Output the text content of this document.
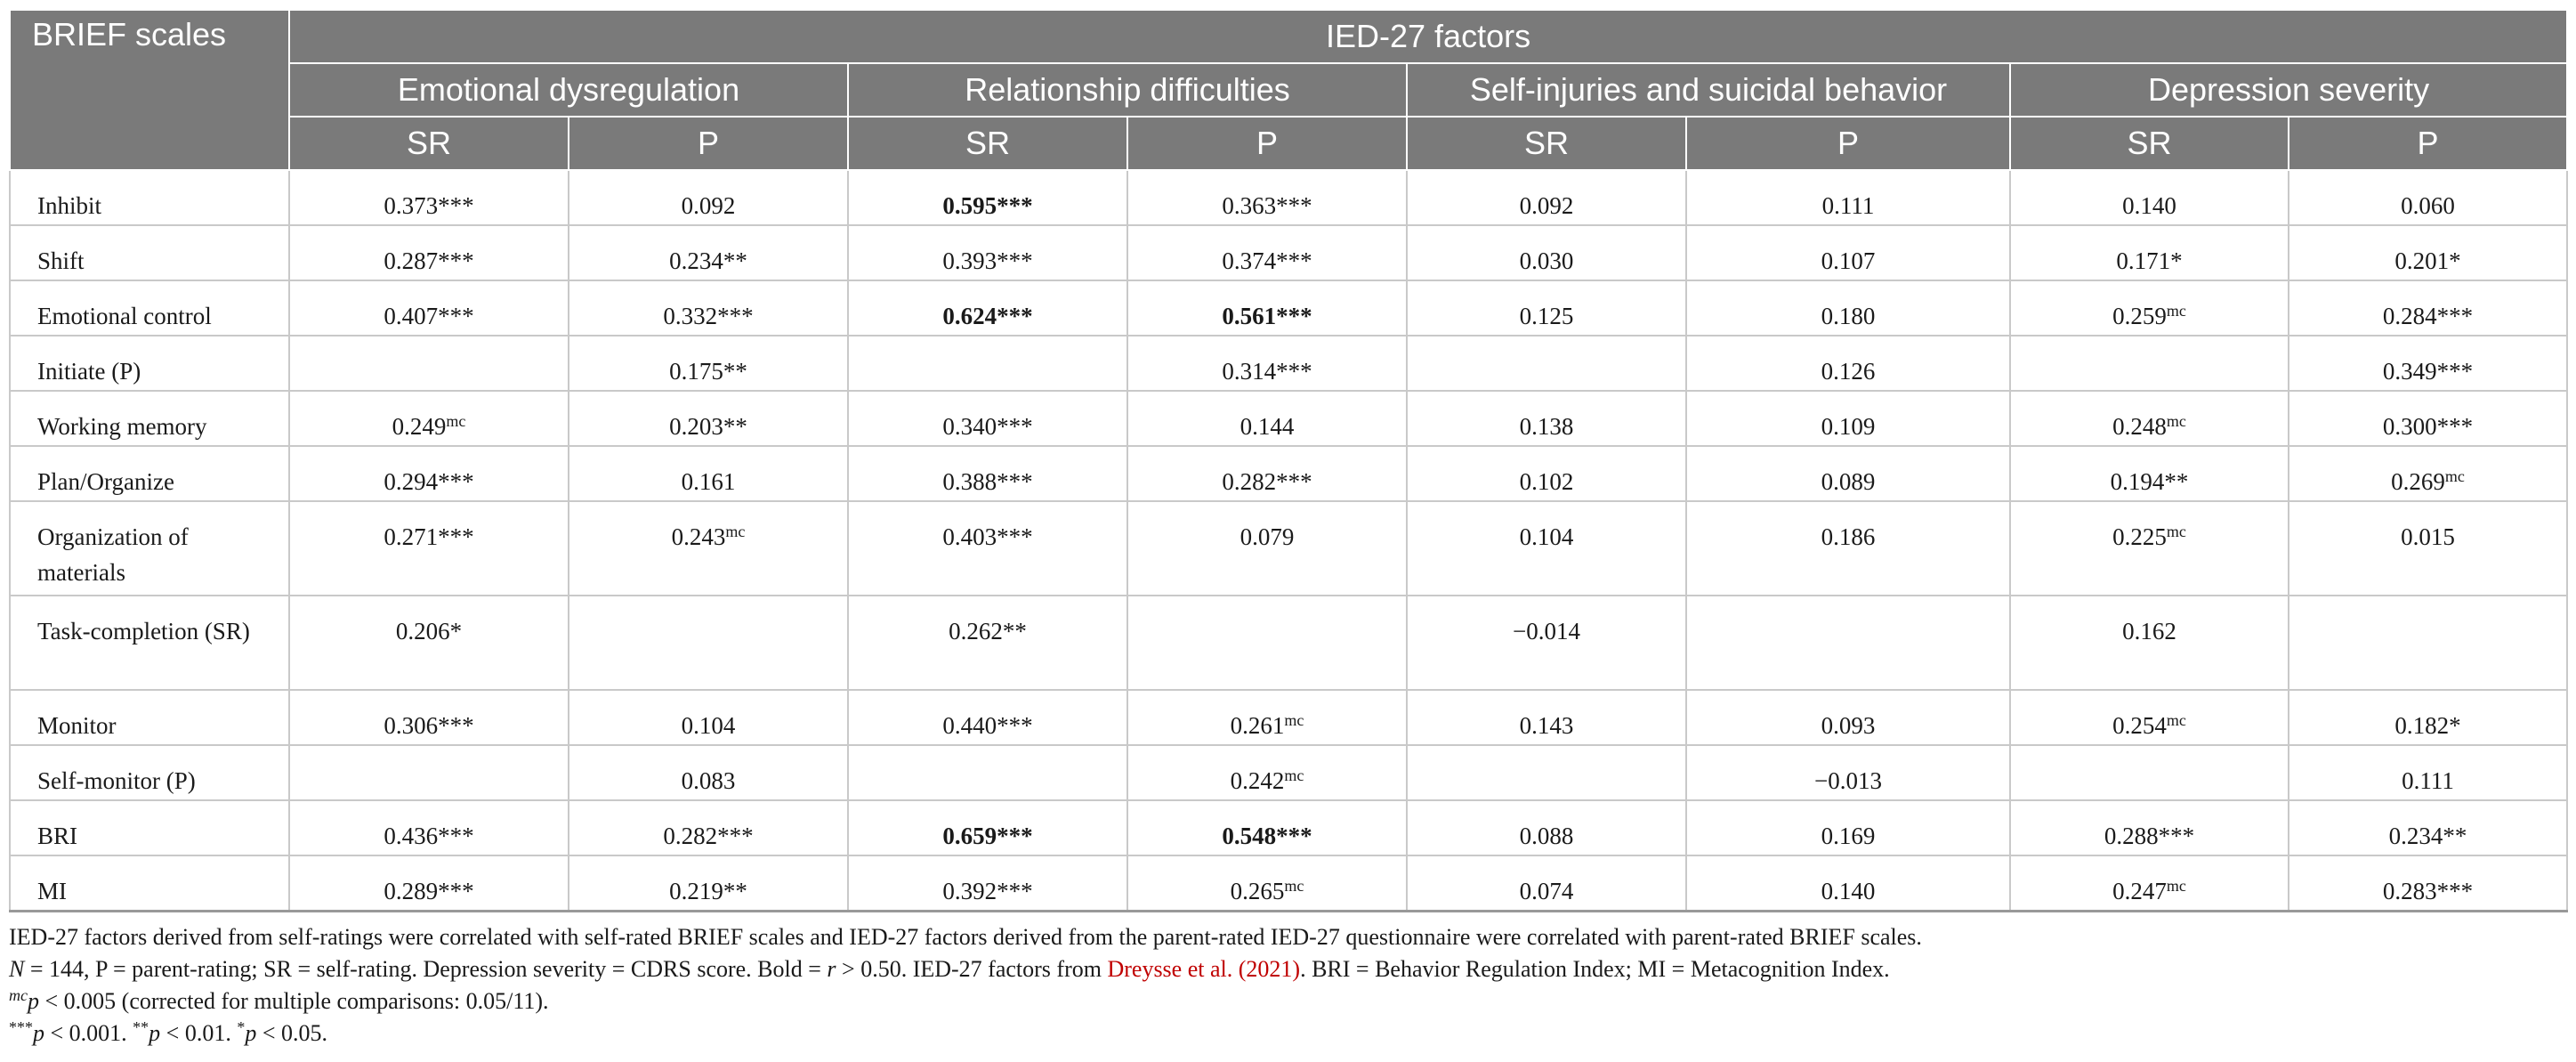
BRIEF scales	IED-27 factors							
	Emotional dysregulation		Relationship difficulties		Self-injuries and suicidal behavior		Depression severity	
	SR	P	SR	P	SR	P	SR	P
Inhibit	0.373***	0.092	0.595***	0.363***	0.092	0.111	0.140	0.060
Shift	0.287***	0.234**	0.393***	0.374***	0.030	0.107	0.171*	0.201*
Emotional control	0.407***	0.332***	0.624***	0.561***	0.125	0.180	$0.259^{mc}$	0.284***
Initiate (P)		0.175**		0.314***		0.126		0.349***
Working memory	$0.249^{mc}$	0.203**	0.340***	0.144	0.138	0.109	$0.248^{mc}$	0.300***
Plan/Organize	0.294***	0.161	0.388***	0.282***	0.102	0.089	0.194**	$0.269^{mc}$
Organization of materials	0.271***	$0.243^{mc}$	0.403***	0.079	0.104	0.186	$0.225^{mc}$	0.015
Task-completion (SR)	0.206*		0.262**		−0.014		0.162	
Monitor	0.306***	0.104	0.440***	$0.261^{mc}$	0.143	0.093	$0.254^{mc}$	0.182*
Self-monitor (P)		0.083		$0.242^{mc}$		−0.013		0.111
BRI	0.436***	0.282***	0.659***	0.548***	0.088	0.169	0.288***	0.234**
MI	0.289***	0.219**	0.392***	$0.265^{mc}$	0.074	0.140	$0.247^{mc}$	0.283***
IED-27 factors derived from self-ratings were correlated with self-rated BRIEF scales and IED-27 factors derived from the parent-rated IED-27 questionnaire were correlated with parent-rated BRIEF scales.
N = 144, P = parent-rating; SR = self-rating. Depression severity = CDRS score. Bold = r > 0.50. IED-27 factors from Dreysse et al. (2021). BRI = Behavior Regulation Index; MI = Metacognition Index.
$^{mc}$p < 0.005 (corrected for multiple comparisons: 0.05/11).
***p < 0.001. **p < 0.01. *p < 0.05.
